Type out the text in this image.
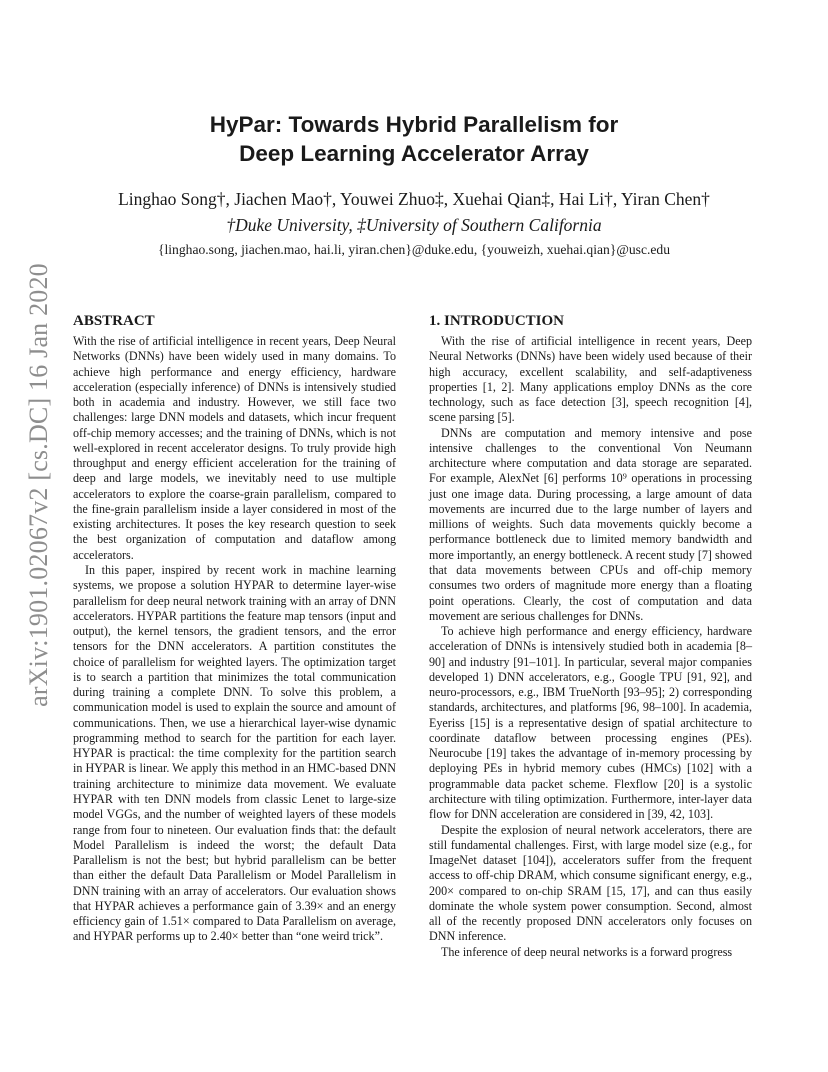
arXiv:1901.02067v2 [cs.DC] 16 Jan 2020
HyPar: Towards Hybrid Parallelism for
Deep Learning Accelerator Array
Linghao Song†, Jiachen Mao†, Youwei Zhuo‡, Xuehai Qian‡, Hai Li†, Yiran Chen†
†Duke University, ‡University of Southern California
{linghao.song, jiachen.mao, hai.li, yiran.chen}@duke.edu, {youweizh, xuehai.qian}@usc.edu
ABSTRACT

With the rise of artificial intelligence in recent years, Deep Neural Networks (DNNs) have been widely used in many domains. To achieve high performance and energy efficiency, hardware acceleration (especially inference) of DNNs is intensively studied both in academia and industry. However, we still face two challenges: large DNN models and datasets, which incur frequent off-chip memory accesses; and the training of DNNs, which is not well-explored in recent accelerator designs. To truly provide high throughput and energy efficient acceleration for the training of deep and large models, we inevitably need to use multiple accelerators to explore the coarse-grain parallelism, compared to the fine-grain parallelism inside a layer considered in most of the existing architectures. It poses the key research question to seek the best organization of computation and dataflow among accelerators.

In this paper, inspired by recent work in machine learning systems, we propose a solution HYPAR to determine layer-wise parallelism for deep neural network training with an array of DNN accelerators. HYPAR partitions the feature map tensors (input and output), the kernel tensors, the gradient tensors, and the error tensors for the DNN accelerators. A partition constitutes the choice of parallelism for weighted layers. The optimization target is to search a partition that minimizes the total communication during training a complete DNN. To solve this problem, a communication model is used to explain the source and amount of communications. Then, we use a hierarchical layer-wise dynamic programming method to search for the partition for each layer. HYPAR is practical: the time complexity for the partition search in HYPAR is linear. We apply this method in an HMC-based DNN training architecture to minimize data movement. We evaluate HYPAR with ten DNN models from classic Lenet to large-size model VGGs, and the number of weighted layers of these models range from four to nineteen. Our evaluation finds that: the default Model Parallelism is indeed the worst; the default Data Parallelism is not the best; but hybrid parallelism can be better than either the default Data Parallelism or Model Parallelism in DNN training with an array of accelerators. Our evaluation shows that HYPAR achieves a performance gain of 3.39× and an energy efficiency gain of 1.51× compared to Data Parallelism on average, and HYPAR performs up to 2.40× better than “one weird trick”.

1. INTRODUCTION

With the rise of artificial intelligence in recent years, Deep Neural Networks (DNNs) have been widely used because of their high accuracy, excellent scalability, and self-adaptiveness properties [1, 2]. Many applications employ DNNs as the core technology, such as face detection [3], speech recognition [4], scene parsing [5].

DNNs are computation and memory intensive and pose intensive challenges to the conventional Von Neumann architecture where computation and data storage are separated. For example, AlexNet [6] performs 10⁹ operations in processing just one image data. During processing, a large amount of data movements are incurred due to the large number of layers and millions of weights. Such data movements quickly become a performance bottleneck due to limited memory bandwidth and more importantly, an energy bottleneck. A recent study [7] showed that data movements between CPUs and off-chip memory consumes two orders of magnitude more energy than a floating point operations. Clearly, the cost of computation and data movement are serious challenges for DNNs.

To achieve high performance and energy efficiency, hardware acceleration of DNNs is intensively studied both in academia [8–90] and industry [91–101]. In particular, several major companies developed 1) DNN accelerators, e.g., Google TPU [91, 92], and neuro-processors, e.g., IBM TrueNorth [93–95]; 2) corresponding standards, architectures, and platforms [96, 98–100]. In academia, Eyeriss [15] is a representative design of spatial architecture to coordinate dataflow between processing engines (PEs). Neurocube [19] takes the advantage of in-memory processing by deploying PEs in hybrid memory cubes (HMCs) [102] with a programmable data packet scheme. Flexflow [20] is a systolic architecture with tiling optimization. Furthermore, inter-layer data flow for DNN acceleration are considered in [39, 42, 103].

Despite the explosion of neural network accelerators, there are still fundamental challenges. First, with large model size (e.g., for ImageNet dataset [104]), accelerators suffer from the frequent access to off-chip DRAM, which consume significant energy, e.g., 200× compared to on-chip SRAM [15, 17], and can thus easily dominate the whole system power consumption. Second, almost all of the recently proposed DNN accelerators only focuses on DNN inference.

The inference of deep neural networks is a forward progress
